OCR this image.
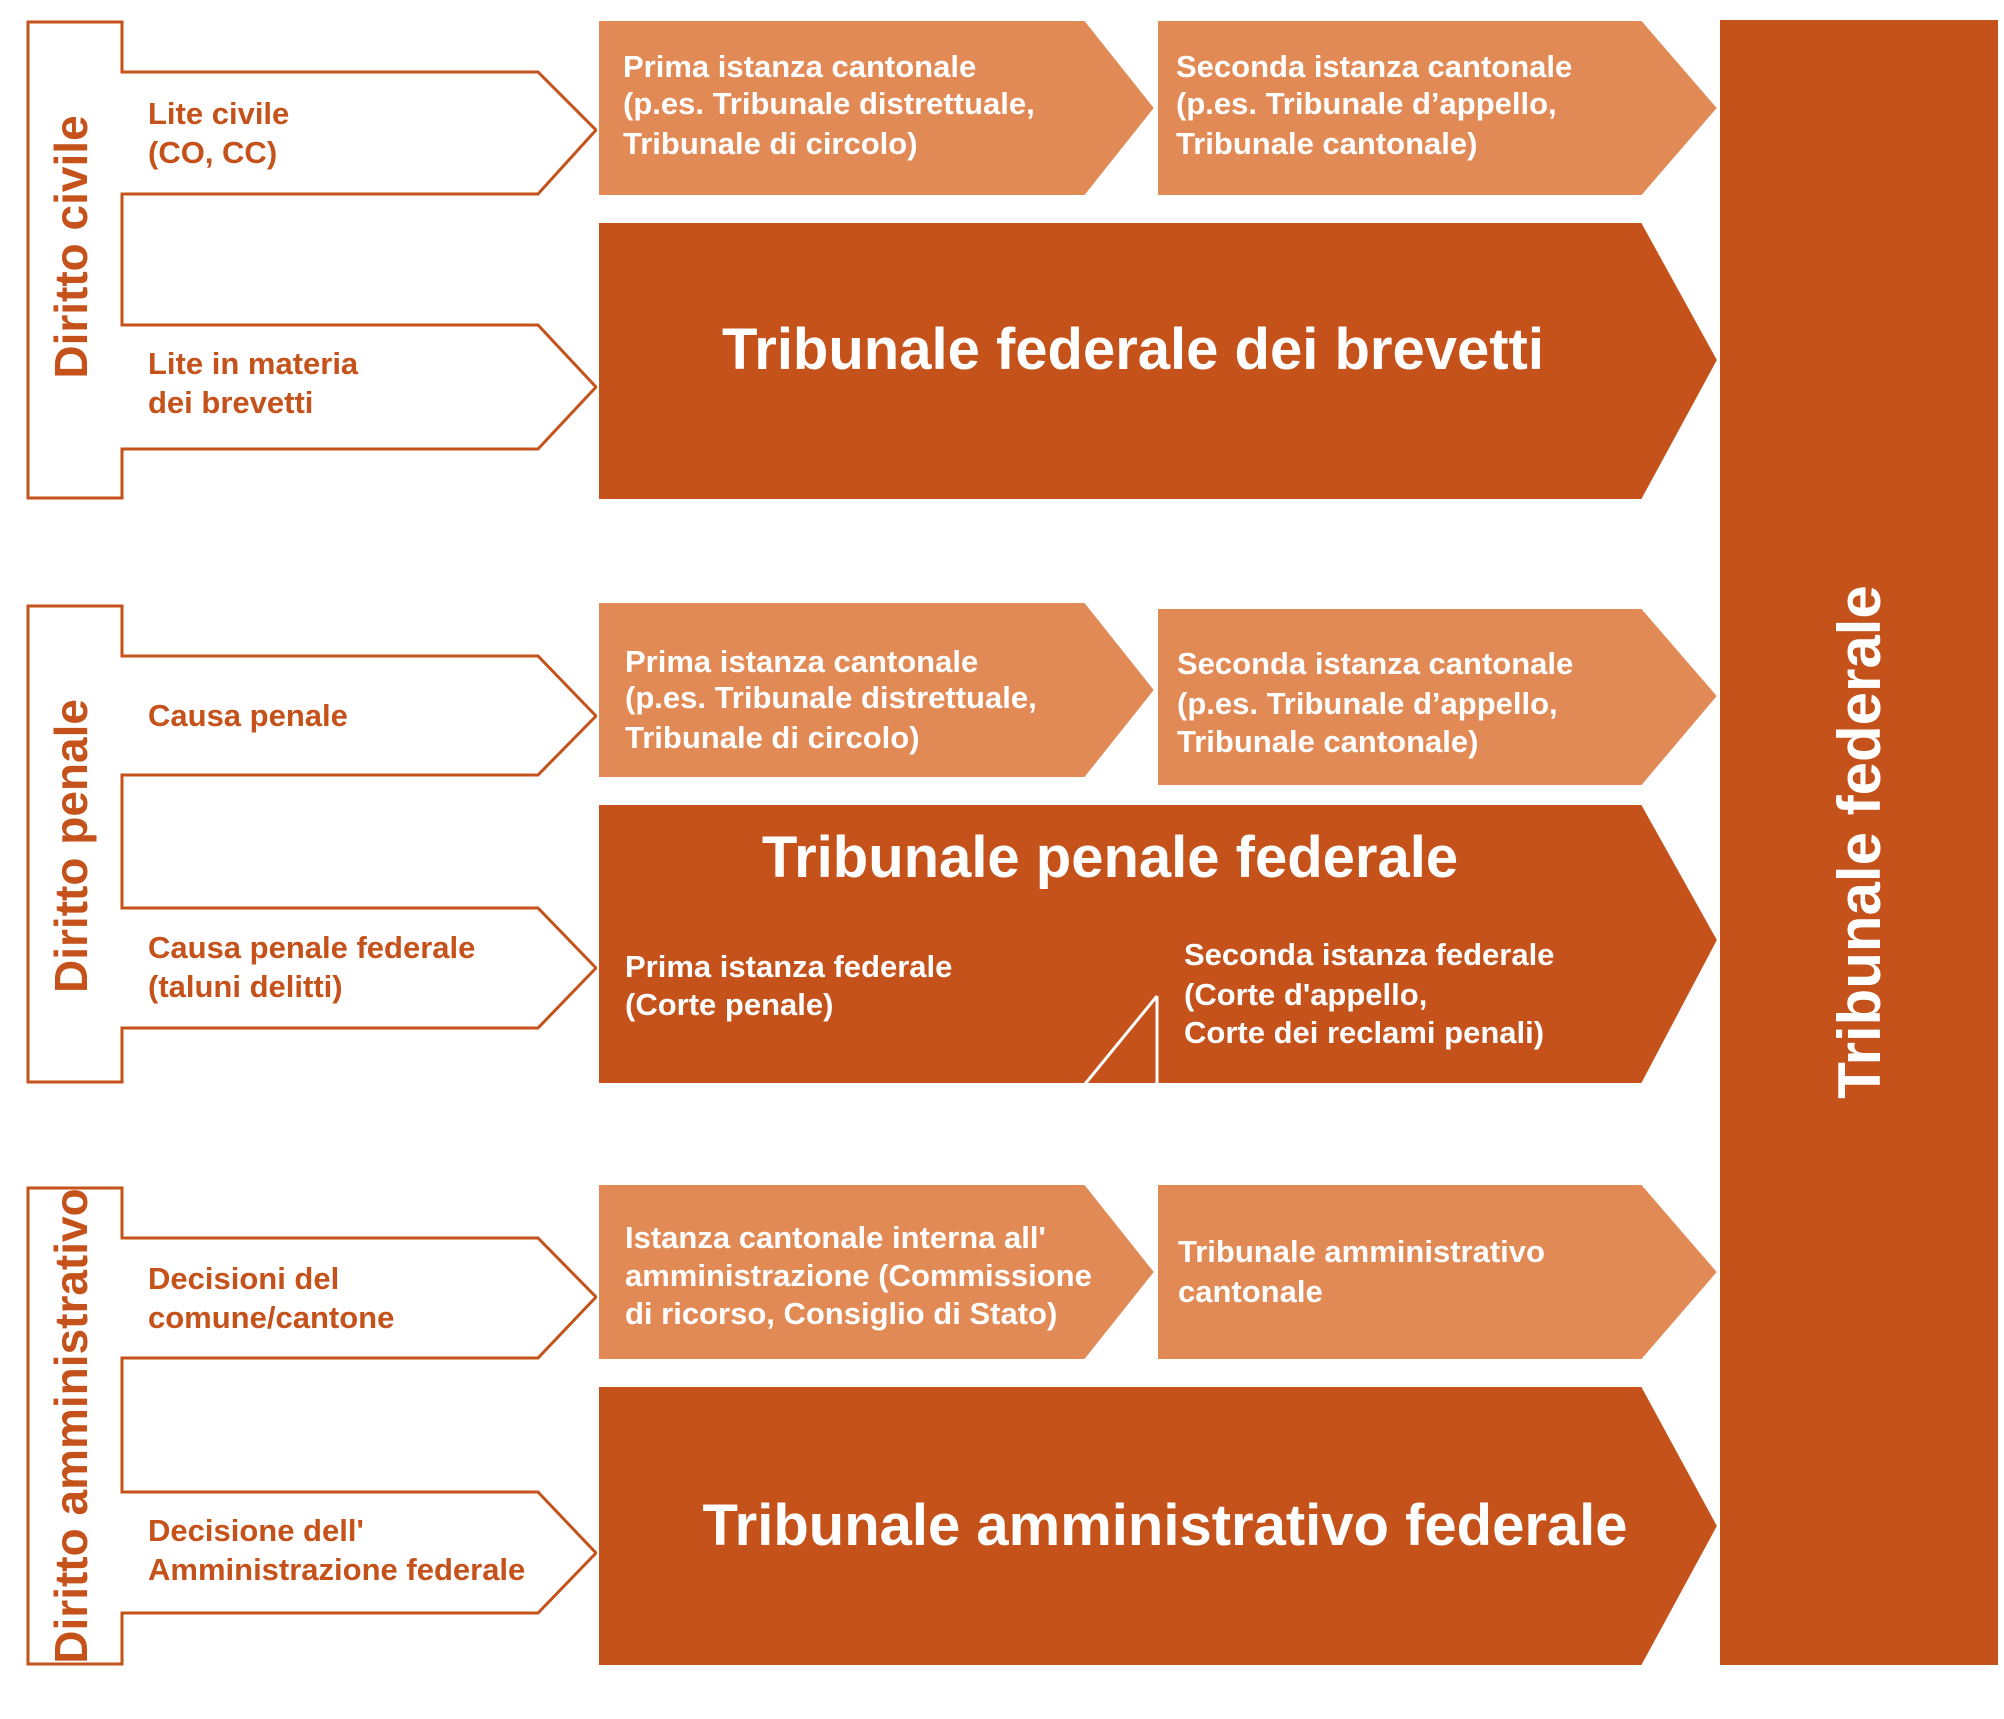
Tribunale federale
Diritto civile
Lite civile (CO, CC)
Lite in materia dei brevetti
Prima istanza cantonale (p.es. Tribunale distrettuale, Tribunale di circolo)
Seconda istanza cantonale (p.es. Tribunale d’appello, Tribunale cantonale)
Tribunale federale dei brevetti
Diritto penale Causa penale
Causa penale federale (taluni delitti)
Prima istanza cantonale (p.es. Tribunale distrettuale, Tribunale di circolo)
Seconda istanza cantonale (p.es. Tribunale d’appello, Tribunale cantonale)
Tribunale penale federale
Prima istanza federale (Corte penale)
Seconda istanza federale (Corte d'appello, Corte dei reclami penali)
Diritto amministrativo Decisioni del comune/cantone
Decisione dell' Amministrazione federale
Istanza cantonale interna all' amministrazione (Commissione di ricorso, Consiglio di Stato)
Tribunale amministrativo cantonale
Tribunale amministrativo federale
